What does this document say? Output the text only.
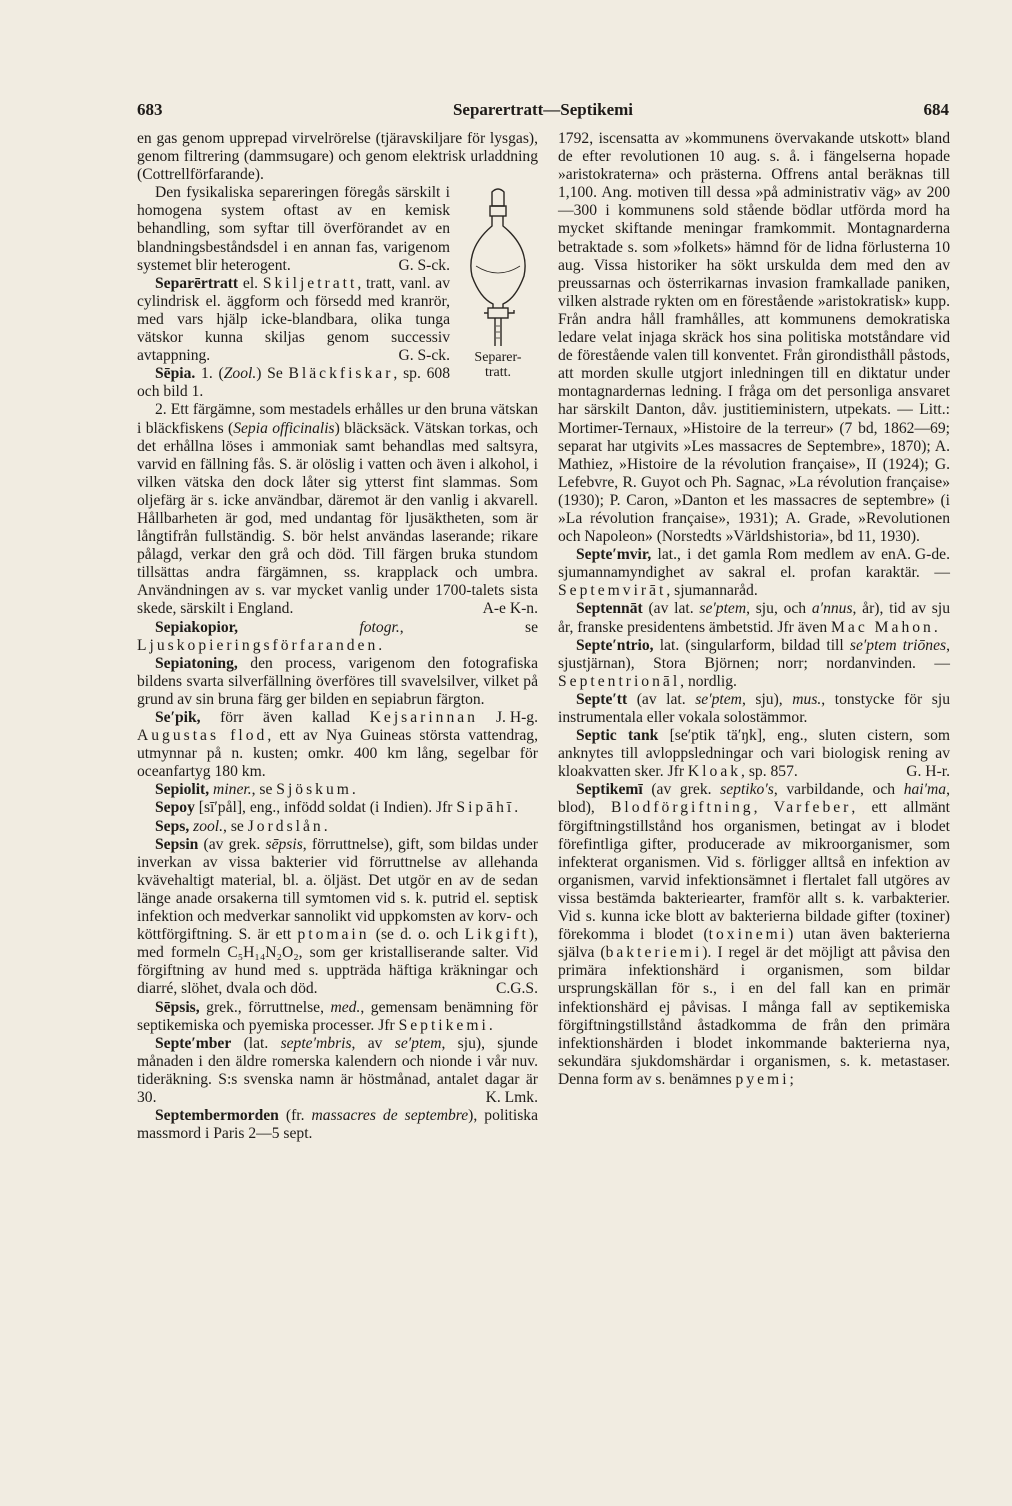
683	Separertratt—Septikemi	684

en gas genom upprepad virvelrörelse (tjäravskiljare för lysgas), genom filtrering (dammsugare) och genom elektrisk urladdning (Cottrellförfarande).

Separer-
tratt.

Den fysikaliska separeringen föregås särskilt i homogena system oftast av en kemisk behandling, som syftar till överförandet av en blandningsbeståndsdel i en annan fas, varigenom systemet blir heterogent.	G. S-ck.

Separērtratt el. Skiljetratt, tratt, vanl. av cylindrisk el. äggform och försedd med kranrör, med vars hjälp icke-blandbara, olika tunga vätskor kunna skiljas genom successiv avtappning.	G. S-ck.

Sēpia. 1. (Zool.) Se Bläckfiskar, sp. 608 och bild 1.

2. Ett färgämne, som mestadels erhålles ur den bruna vätskan i bläckfiskens (Sepia officinalis) bläcksäck. Vätskan torkas, och det erhållna löses i ammoniak samt behandlas med saltsyra, varvid en fällning fås. S. är olöslig i vatten och även i alkohol, i vilken vätska den dock låter sig ytterst fint slammas. Som oljefärg är s. icke användbar, däremot är den vanlig i akvarell. Hållbarheten är god, med undantag för ljusäktheten, som är långtifrån fullständig. S. bör helst användas laserande; rikare pålagd, verkar den grå och död. Till färgen bruka stundom tillsättas andra färgämnen, ss. krapplack och umbra. Användningen av s. var mycket vanlig under 1700-talets sista skede, särskilt i England.	A-e K-n.

Sepiakopior, fotogr., se Ljuskopieringsförfaranden.

Sepiatoning, den process, varigenom den fotografiska bildens svarta silverfällning överföres till svavelsilver, vilket på grund av sin bruna färg ger bilden en sepiabrun färgton.
J. H-g.

Se′pik, förr även kallad Kejsarinnan Augustas flod, ett av Nya Guineas största vattendrag, utmynnar på n. kusten; omkr. 400 km lång, segelbar för oceanfartyg 180 km.

Sepiolit, miner., se Sjöskum.

Sepoy [sī′pål], eng., infödd soldat (i Indien). Jfr Sipāhī.

Seps, zool., se Jordslån.

Sepsin (av grek. sēpsis, förruttnelse), gift, som bildas under inverkan av vissa bakterier vid förruttnelse av allehanda kvävehaltigt material, bl. a. öljäst. Det utgör en av de sedan länge anade orsakerna till symtomen vid s. k. putrid el. septisk infektion och medverkar sannolikt vid uppkomsten av korv- och köttförgiftning. S. är ett ptomain (se d. o. och Likgift), med formeln C₅H₁₄N₂O₂, som ger kristalliserande salter. Vid förgiftning av hund med s. uppträda häftiga kräkningar och diarré, slöhet, dvala och död.	C.G.S.

Sēpsis, grek., förruttnelse, med., gemensam benämning för septikemiska och pyemiska processer. Jfr Septikemi.

Septe′mber (lat. septe′mbris, av se′ptem, sju), sjunde månaden i den äldre romerska kalendern och nionde i vår nuv. tideräkning. S:s svenska namn är höstmånad, antalet dagar är 30.	K. Lmk.

Septembermorden (fr. massacres de septembre), politiska massmord i Paris 2—5 sept.

1792, iscensatta av »kommunens övervakande utskott» bland de efter revolutionen 10 aug. s. å. i fängelserna hopade »aristokraterna» och prästerna. Offrens antal beräknas till 1,100. Ang. motiven till dessa »på administrativ väg» av 200—300 i kommunens sold stående bödlar utförda mord ha mycket skiftande meningar framkommit. Montagnarderna betraktade s. som »folkets» hämnd för de lidna förlusterna 10 aug. Vissa historiker ha sökt urskulda dem med den av preussarnas och österrikarnas invasion framkallade paniken, vilken alstrade rykten om en förestående »aristokratisk» kupp. Från andra håll framhålles, att kommunens demokratiska ledare velat injaga skräck hos sina politiska motståndare vid de förestående valen till konventet. Från girondisthåll påstods, att morden skulle utgjort inledningen till en diktatur under montagnardernas ledning. I fråga om det personliga ansvaret har särskilt Danton, dåv. justitieministern, utpekats. — Litt.: Mortimer-Ternaux, »Histoire de la terreur» (7 bd, 1862—69; separat har utgivits »Les massacres de Septembre», 1870); A. Mathiez, »Histoire de la révolution française», II (1924); G. Lefebvre, R. Guyot och Ph. Sagnac, »La révolution française» (1930); P. Caron, »Danton et les massacres de septembre» (i »La révolution française», 1931); A. Grade, »Revolutionen och Napoleon» (Norstedts »Världshistoria», bd 11, 1930).
A. G-de.

Septe′mvir, lat., i det gamla Rom medlem av en sjumannamyndighet av sakral el. profan karaktär. — Septemvirāt, sjumannaråd.

Septennāt (av lat. se′ptem, sju, och a′nnus, år), tid av sju år, franske presidentens ämbetstid. Jfr även Mac Mahon.

Septe′ntrio, lat. (singularform, bildad till se′ptem triōnes, sjustjärnan), Stora Björnen; norr; nordanvinden. — Septentrionāl, nordlig.

Septe′tt (av lat. se′ptem, sju), mus., tonstycke för sju instrumentala eller vokala solostämmor.

Septic tank [se′ptik tä′ŋk], eng., sluten cistern, som anknytes till avloppsledningar och vari biologisk rening av kloakvatten sker. Jfr Kloak, sp. 857.	G. H-r.

Septikemī (av grek. septiko′s, varbildande, och hai′ma, blod), Blodförgiftning, Varfeber, ett allmänt förgiftningstillstånd hos organismen, betingat av i blodet förefintliga gifter, producerade av mikroorganismer, som infekterat organismen. Vid s. förligger alltså en infektion av organismen, varvid infektionsämnet i flertalet fall utgöres av vissa bestämda bakteriearter, framför allt s. k. varbakterier. Vid s. kunna icke blott av bakterierna bildade gifter (toxiner) förekomma i blodet (toxinemi) utan även bakterierna själva (bakteriemi). I regel är det möjligt att påvisa den primära infektionshärd i organismen, som bildar ursprungskällan för s., i en del fall kan en primär infektionshärd ej påvisas. I många fall av septikemiska förgiftningstillstånd åstadkomma de från den primära infektionshärden i blodet inkommande bakterierna nya, sekundära sjukdomshärdar i organismen, s. k. metastaser. Denna form av s. benämnes pyemi;
